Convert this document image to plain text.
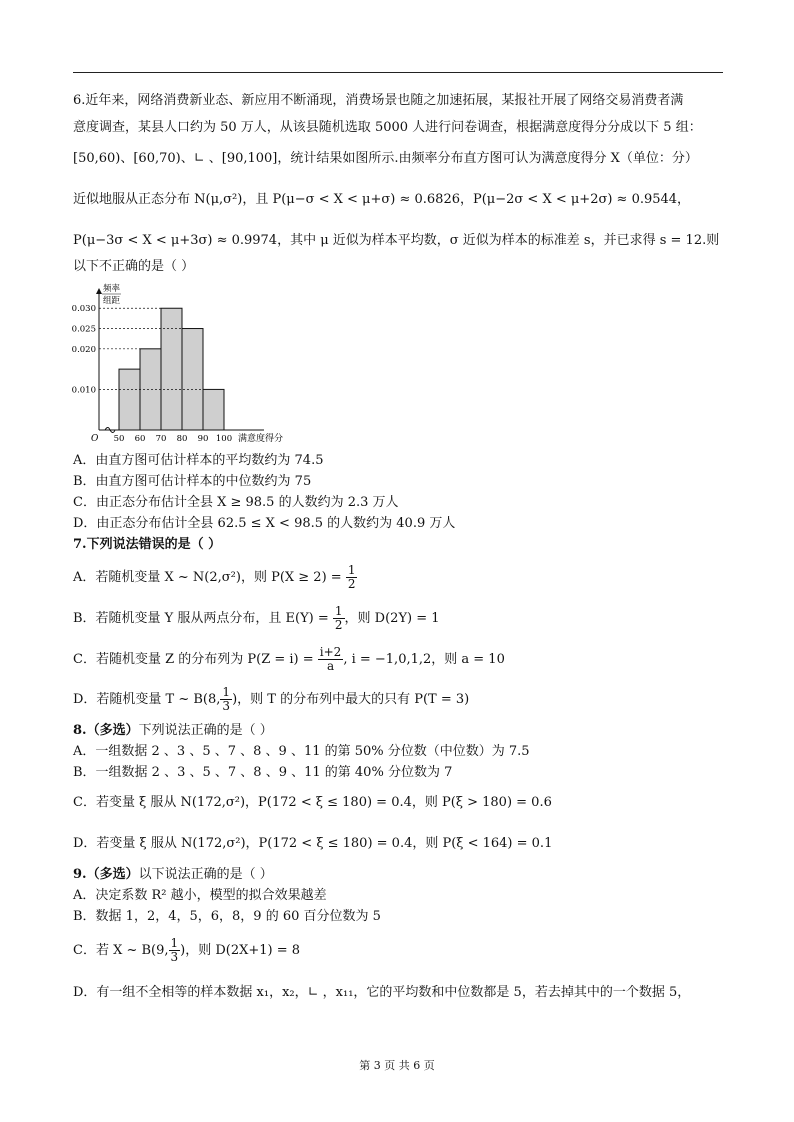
6.近年来，网络消费新业态、新应用不断涌现，消费场景也随之加速拓展，某报社开展了网络交易消费者满
意度调查，某县人口约为 50 万人，从该县随机选取 5000 人进行问卷调查，根据满意度得分分成以下 5 组：
[50,60)、[60,70)、∟ 、[90,100]，统计结果如图所示.由频率分布直方图可认为满意度得分 X（单位：分）
近似地服从正态分布 N(μ,σ²)，且 P(μ−σ < X < μ+σ) ≈ 0.6826，P(μ−2σ < X < μ+2σ) ≈ 0.9544，
P(μ−3σ < X < μ+3σ) ≈ 0.9974，其中 μ 近似为样本平均数，σ 近似为样本的标准差 s，并已求得 s = 12.则
以下不正确的是（ ）
0.010
0.020
0.025
0.030
50 60 70 80 90 100
O	满意度得分
频率
组距
A．由直方图可估计样本的平均数约为 74.5
B．由直方图可估计样本的中位数约为 75
C．由正态分布估计全县 X ≥ 98.5 的人数约为 2.3 万人
D．由正态分布估计全县 62.5 ≤ X < 98.5 的人数约为 40.9 万人
7.下列说法错误的是（ ）
A．若随机变量 X ~ N(2,σ²)，则 $P(X \ge 2) = \frac{1}{2}$
B．若随机变量 Y 服从两点分布，且 $E(Y) = \frac{1}{2}$ ，则 D(2Y) = 1
C．若随机变量 Z 的分布列为 $P(Z = i) = \frac{i+2}{a}$ , i = −1,0,1,2，则 a = 10
D．若随机变量 T ~ B(8, $\frac{1}{3}$ )，则 T 的分布列中最大的只有 P(T = 3)
8.（多选）下列说法正确的是（ ）
A．一组数据 2 、3 、5 、7 、8 、9 、11 的第 50% 分位数（中位数）为 7.5
B．一组数据 2 、3 、5 、7 、8 、9 、11 的第 40% 分位数为 7
C．若变量 ξ 服从 N(172,σ²)，P(172 < ξ ≤ 180) = 0.4，则 P(ξ > 180) = 0.6
D．若变量 ξ 服从 N(172,σ²)，P(172 < ξ ≤ 180) = 0.4，则 P(ξ < 164) = 0.1
9.（多选）以下说法正确的是（ ）
A．决定系数 R² 越小，模型的拟合效果越差
B．数据 1，2，4，5，6，8，9 的 60 百分位数为 5
C．若 X ~ B(9, $\frac{1}{3}$ )，则 D(2X+1) = 8
D．有一组不全相等的样本数据 x₁，x₂，∟ ，x₁₁，它的平均数和中位数都是 5，若去掉其中的一个数据 5，
第 3 页 共 6 页
